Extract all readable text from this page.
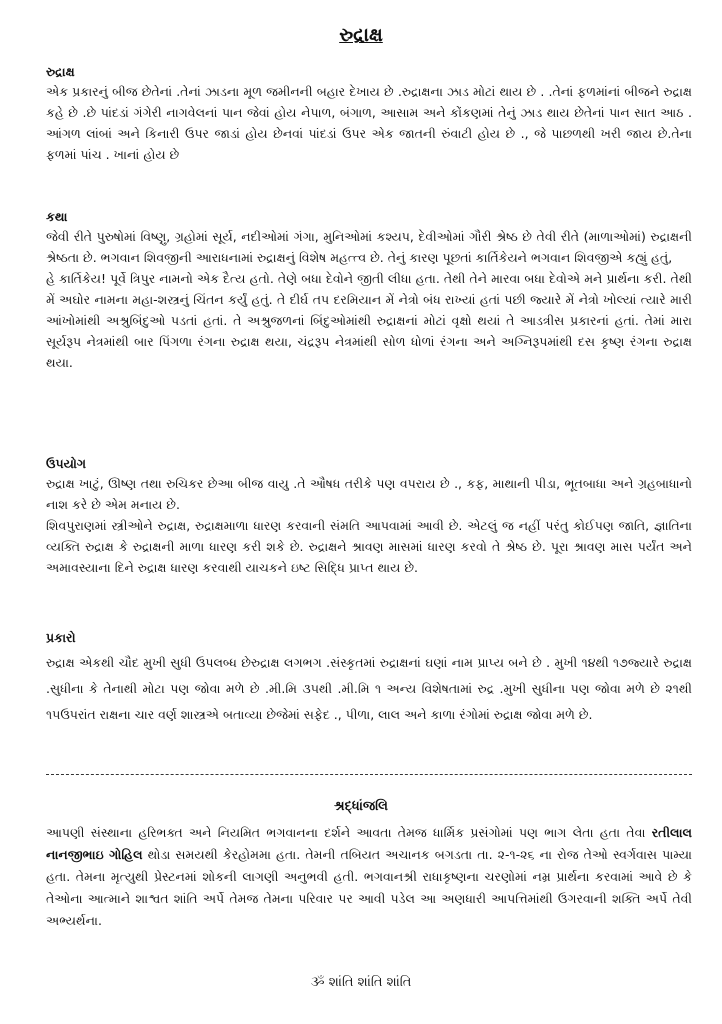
રુદ્રાક્ષ
રુદ્રાક્ષ

એક પ્રકારનું બીજ છેતેનાં .તેનાં ઝાડના મૂળ જમીનની બહાર દેખાય છે .રુદ્રાક્ષના ઝાડ મોટાં થાય છે . .તેનાં ફળમાંનાં બીજને રુદ્રાક્ષ કહે છે .છે પાંદડાં ગંગેરી નાગવેલનાં પાન જેવાં હોય નેપાળ, બંગાળ, આસામ અને કોંકણમાં તેનું ઝાડ થાય છેતેનાં પાન સાત આઠ . આંગળ લાંબાં અને કિનારી ઉપર જાડાં હોય છેનવાં પાંદડાં ઉપર એક જાતની રુંવાટી હોય છે ., જે પાછળથી ખરી જાય છે.તેના ફળમાં પાંચ . ખાનાં હોય છે

કથા

જેવી રીતે પુરુષોમાં વિષ્ણુ, ગ્રહોમાં સૂર્ય, નદીઓમાં ગંગા, મુનિઓમાં કશ્યપ, દેવીઓમાં ગૌરી શ્રેષ્ઠ છે તેવી રીતે (માળાઓમાં) રુદ્રાક્ષની શ્રેષ્ઠતા છે. ભગવાન શિવજીની આરાધનામાં રુદ્રાક્ષનું વિશેષ મહત્ત્વ છે. તેનું કારણ પૂછતાં કાર્તિકેયને ભગવાન શિવજીએ કહ્યું હતું,

હે કાર્તિકેય! પૂર્વે ત્રિપુર નામનો એક દૈત્ય હતો. તેણે બધા દેવોને જીતી લીધા હતા. તેથી તેને મારવા બધા દેવોએ મને પ્રાર્થના કરી. તેથી મેં અઘોર નામના મહા-શસ્ત્રનું ચિંતન કર્યું હતું. તે દીર્ઘ તપ દરમિયાન મેં નેત્રો બંધ રાખ્યાં હતાં પછી જ્યારે મેં નેત્રો ખોલ્યાં ત્યારે મારી આંખોમાંથી અશ્રુબિંદુઓ પડતાં હતાં. તે અશ્રુજળનાં બિંદુઓમાંથી રુદ્રાક્ષનાં મોટાં વૃક્ષો થયાં તે આડત્રીસ પ્રકારનાં હતાં. તેમાં મારા સૂર્યરૂપ નેત્રમાંથી બાર પિંગળા રંગના રુદ્રાક્ષ થયા, ચંદ્રરૂપ નેત્રમાંથી સોળ ધોળાં રંગના અને અગ્નિરૂપમાંથી દસ કૃષ્ણ રંગના રુદ્રાક્ષ થયા.

ઉપયોગ

રુદ્રાક્ષ ખાટું, ઊષ્ણ તથા રુચિકર છેઆ બીજ વાયુ .તે ઔષધ તરીકે પણ વપરાય છે ., કફ, માથાની પીડા, ભૂતબાધા અને ગ્રહબાધાનો નાશ કરે છે એમ મનાય છે.

શિવપુરાણમાં સ્ત્રીઓને રુદ્રાક્ષ, રુદ્રાક્ષમાળા ધારણ કરવાની સંમતિ આપવામાં આવી છે. એટલું જ નહીં પરંતુ કોઈપણ જાતિ, જ્ઞાતિના વ્યક્તિ રુદ્રાક્ષ કે રુદ્રાક્ષની માળા ધારણ કરી શકે છે. રુદ્રાક્ષને શ્રાવણ માસમાં ધારણ કરવો તે શ્રેષ્ઠ છે. પૂરા શ્રાવણ માસ પર્યંત અને અમાવસ્યાના દિને રુદ્રાક્ષ ધારણ કરવાથી યાચકને ઇષ્ટ સિદ્ધિ પ્રાપ્ત થાય છે.

પ્રકારો

રુદ્રાક્ષ એકથી ચૌદ મુખી સુધી ઉપલબ્ધ છેરુદ્રાક્ષ લગભગ .સંસ્કૃતમાં રુદ્રાક્ષનાં ઘણાં નામ પ્રાપ્ય બને છે . મુખી ૧૪થી ૧૭જ્યારે રુદ્રાક્ષ .સુધીના કે તેનાથી મોટા પણ જોવા મળે છે .મી.મિ ૩૫થી .મી.મિ ૧ અન્ય વિશેષતામાં રુદ્ર .મુખી સુધીના પણ જોવા મળે છે ૨૧થી ૧૫ઉપરાંત રાક્ષના ચાર વર્ણ શાસ્ત્રએ બતાવ્યા છેજેમાં સફેદ ., પીળા, લાલ અને કાળા રંગોમાં રુદ્રાક્ષ જોવા મળે છે.

શ્રદ્ધાંજલિ
આપણી સંસ્થાના હરિભક્ત અને નિયમિત ભગવાનના દર્શને આવતા તેમજ ધાર્મિક પ્રસંગોમાં પણ ભાગ લેતા હતા તેવા રતીલાલ નાનજીભાઇ ગોહિલ થોડા સમયથી કેરહોમમા હતા. તેમની તબિયત અચાનક બગડતા તા. ૨-૧-૨૬ ના રોજ તેઓ સ્વર્ગવાસ પામ્યા હતા. તેમના મૃત્યુથી પ્રેસ્ટનમાં શોકની લાગણી અનુભવી હતી. ભગવાનશ્રી રાધાકૃષ્ણના ચરણોમાં નમ્ર પ્રાર્થના કરવામાં આવે છે કે તેઓના આત્માને શાશ્વત શાંતિ અર્પે તેમજ તેમના પરિવાર પર આવી પડેલ આ અણધારી આપત્તિમાંથી ઉગરવાની શક્તિ અર્પે તેવી અભ્યર્થના.
ૐ શાંતિ શાંતિ શાંતિ
